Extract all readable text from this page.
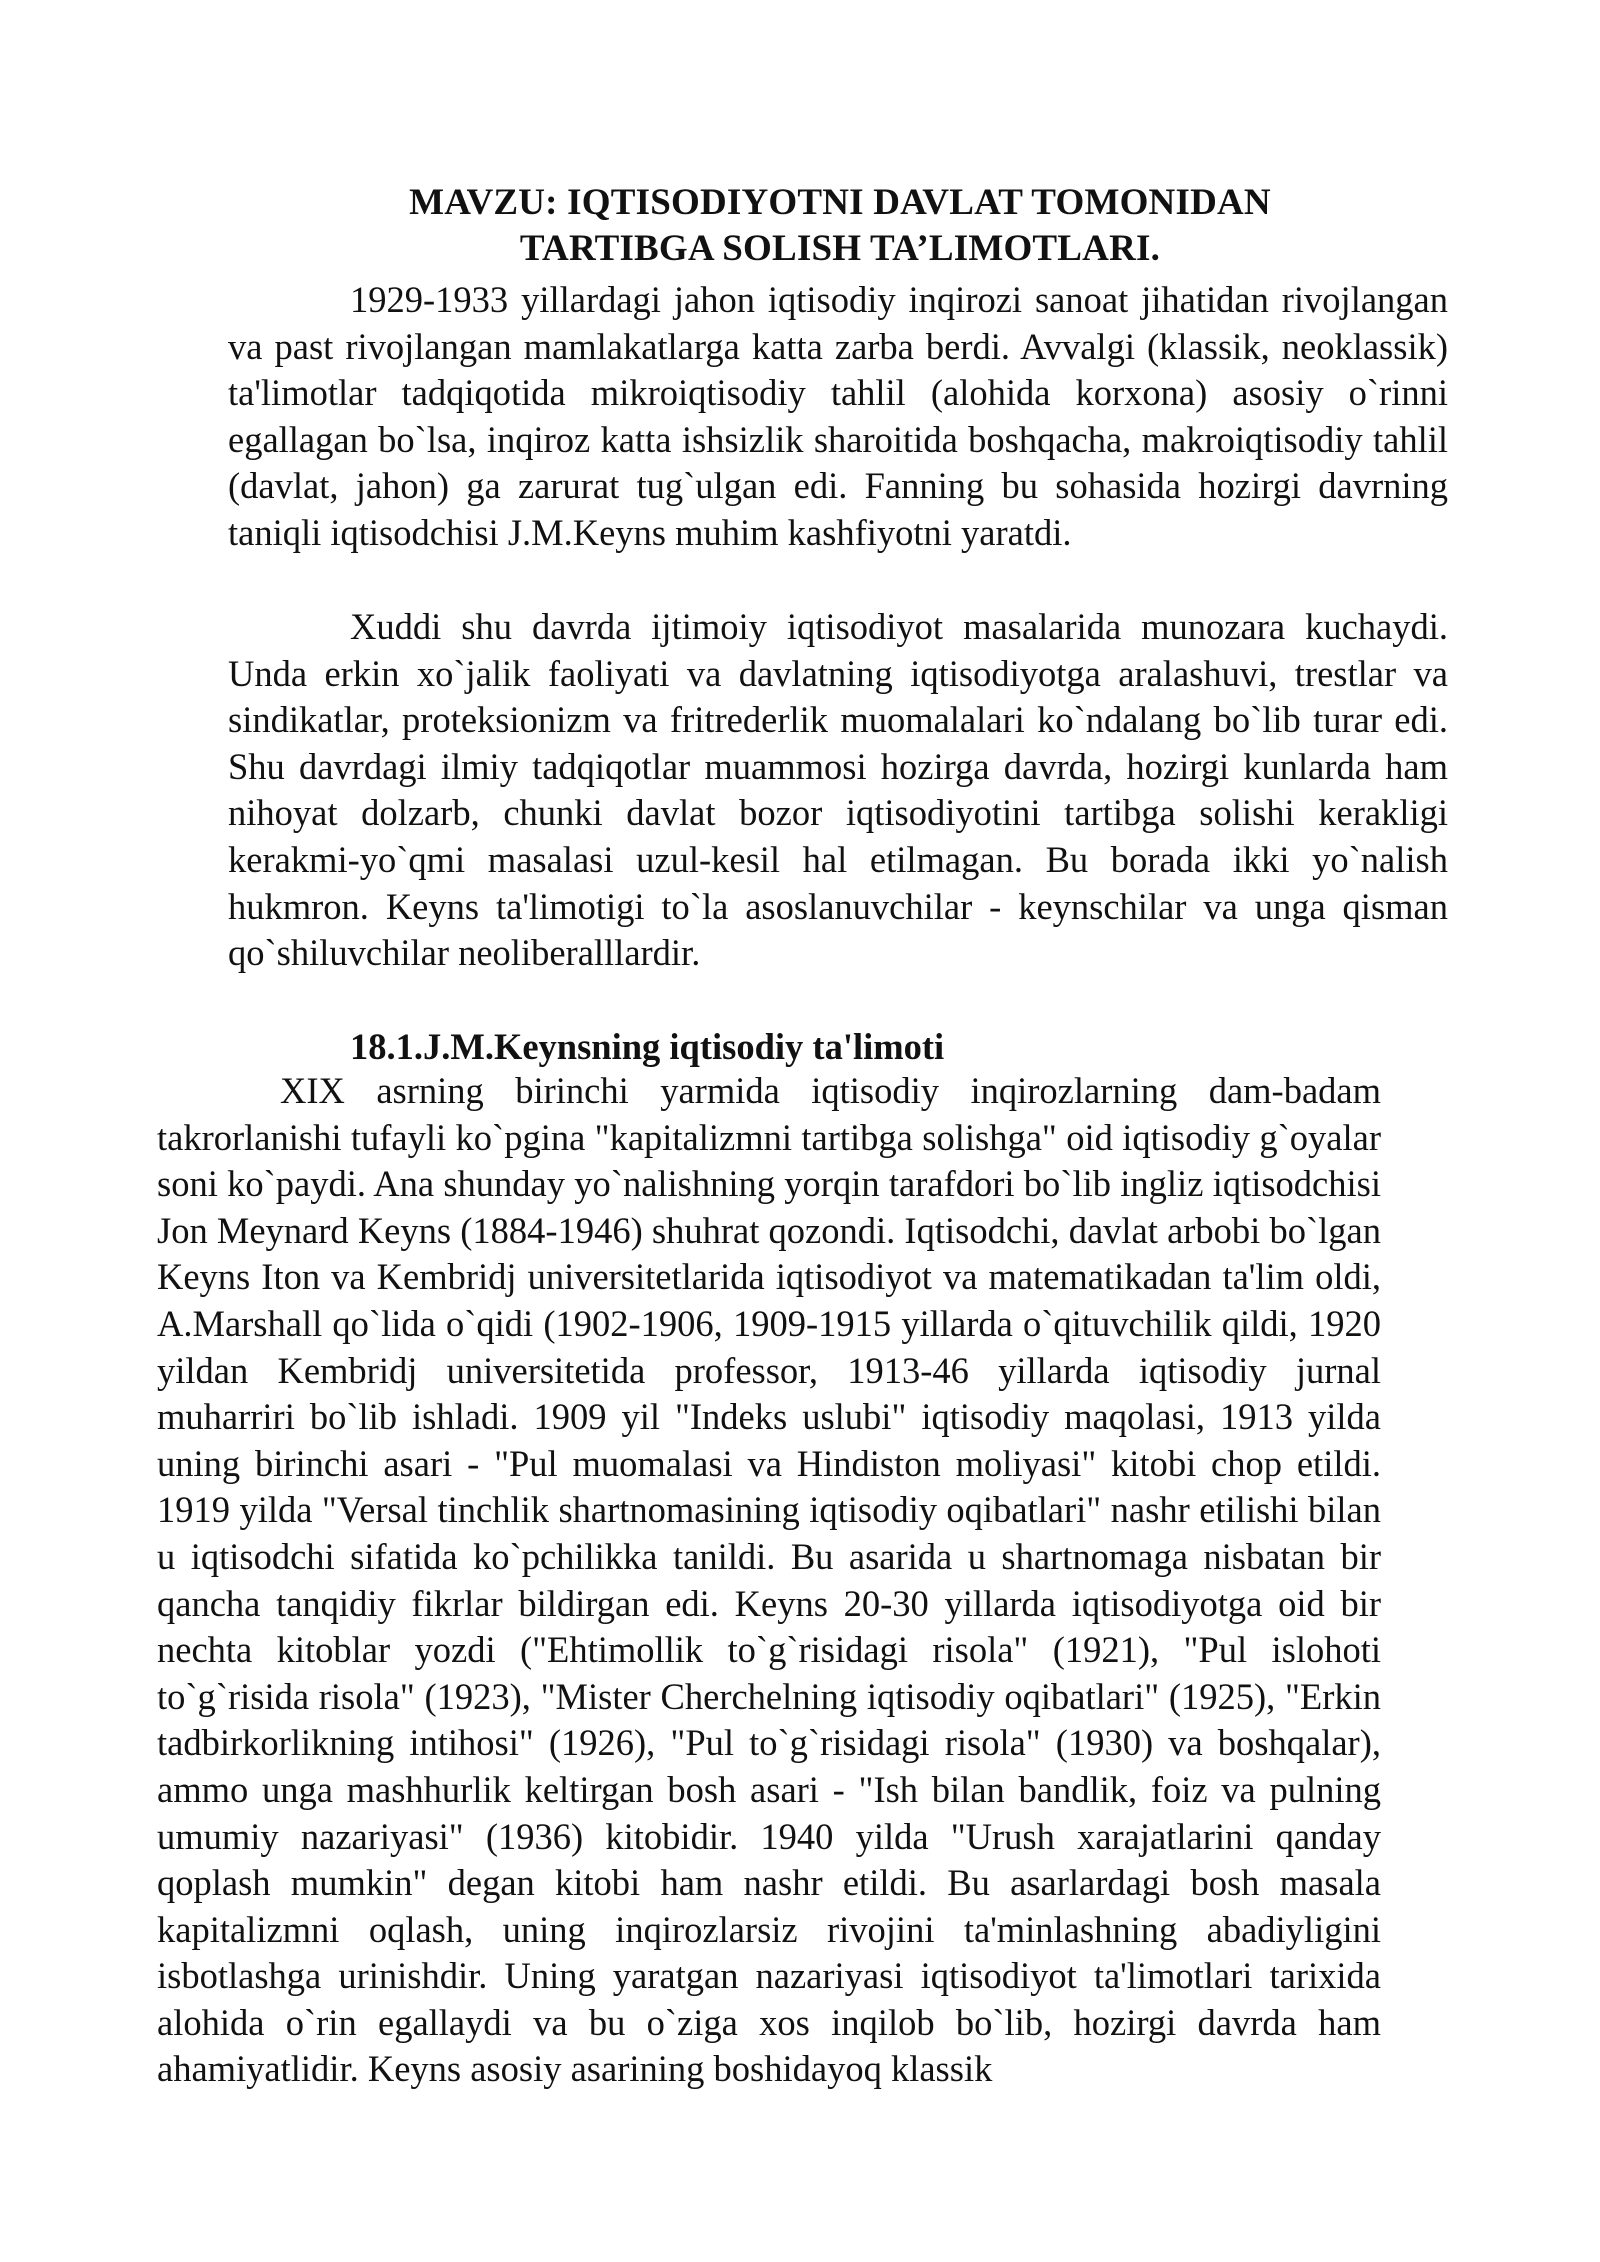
MAVZU: IQTISODIYOTNI DAVLAT TOMONIDAN
TARTIBGA SOLISH TA’LIMOTLARI.
1929-1933 yillardagi jahon iqtisodiy inqirozi sanoat jihatidan rivojlangan va past rivojlangan mamlakatlarga katta zarba berdi. Avvalgi (klassik, neoklassik) ta'limotlar tadqiqotida mikroiqtisodiy tahlil (alohida korxona) asosiy o`rinni egallagan bo`lsa, inqiroz katta ishsizlik sharoitida boshqacha, makroiqtisodiy tahlil (davlat, jahon) ga zarurat tug`ulgan edi. Fanning bu sohasida hozirgi davrning taniqli iqtisodchisi J.M.Keyns muhim kashfiyotni yaratdi.
Xuddi shu davrda ijtimoiy iqtisodiyot masalarida munozara kuchaydi. Unda erkin xo`jalik faoliyati va davlatning iqtisodiyotga aralashuvi, trestlar va sindikatlar, proteksionizm va fritrederlik muomalalari ko`ndalang bo`lib turar edi. Shu davrdagi ilmiy tadqiqotlar muammosi hozirga davrda, hozirgi kunlarda ham nihoyat dolzarb, chunki davlat bozor iqtisodiyotini tartibga solishi kerakligi kerakmi-yo`qmi masalasi uzul-kesil hal etilmagan. Bu borada ikki yo`nalish hukmron. Keyns ta'limotigi to`la asoslanuvchilar - keynschilar va unga qisman qo`shiluvchilar neoliberalllardir.
18.1.J.M.Keynsning iqtisodiy ta'limoti
XIX asrning birinchi yarmida iqtisodiy inqirozlarning dam-badam takrorlanishi tufayli ko`pgina "kapitalizmni tartibga solishga" oid iqtisodiy g`oyalar soni ko`paydi. Ana shunday yo`nalishning yorqin tarafdori bo`lib ingliz iqtisodchisi Jon Meynard Keyns (1884-1946) shuhrat qozondi. Iqtisodchi, davlat arbobi bo`lgan Keyns Iton va Kembridj universitetlarida iqtisodiyot va matematikadan ta'lim oldi, A.Marshall qo`lida o`qidi (1902-1906, 1909-1915 yillarda o`qituvchilik qildi, 1920 yildan Kembridj universitetida professor, 1913-46 yillarda iqtisodiy jurnal muharriri bo`lib ishladi. 1909 yil "Indeks uslubi" iqtisodiy maqolasi, 1913 yilda uning birinchi asari - "Pul muomalasi va Hindiston moliyasi" kitobi chop etildi. 1919 yilda "Versal tinchlik shartnomasining iqtisodiy oqibatlari" nashr etilishi bilan u iqtisodchi sifatida ko`pchilikka tanildi. Bu asarida u shartnomaga nisbatan bir qancha tanqidiy fikrlar bildirgan edi. Keyns 20-30 yillarda iqtisodiyotga oid bir nechta kitoblar yozdi ("Ehtimollik to`g`risidagi risola" (1921), "Pul islohoti to`g`risida risola" (1923), "Mister Cherchelning iqtisodiy oqibatlari" (1925), "Erkin tadbirkorlikning intihosi" (1926), "Pul to`g`risidagi risola" (1930) va boshqalar), ammo unga mashhurlik keltirgan bosh asari - "Ish bilan bandlik, foiz va pulning umumiy nazariyasi" (1936) kitobidir. 1940 yilda "Urush xarajatlarini qanday qoplash mumkin" degan kitobi ham nashr etildi. Bu asarlardagi bosh masala kapitalizmni oqlash, uning inqirozlarsiz rivojini ta'minlashning abadiyligini isbotlashga urinishdir. Uning yaratgan nazariyasi iqtisodiyot ta'limotlari tarixida alohida o`rin egallaydi va bu o`ziga xos inqilob bo`lib, hozirgi davrda ham ahamiyatlidir. Keyns asosiy asarining boshidayoq klassik
